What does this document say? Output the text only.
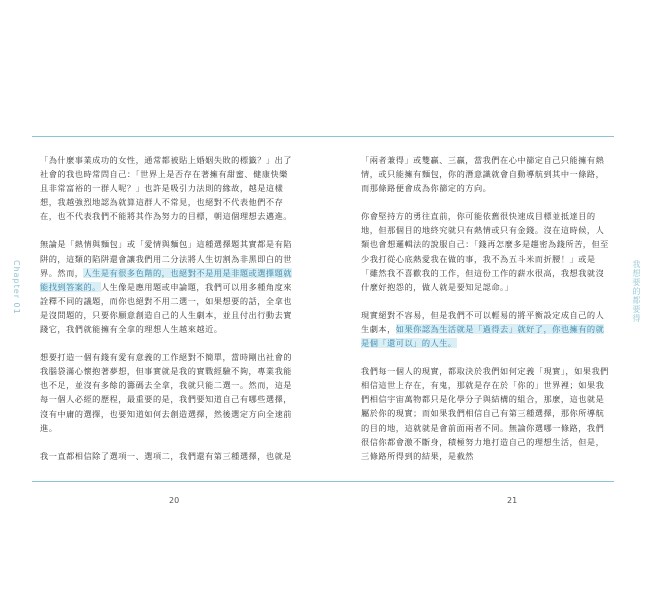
Chapter 01

「為什麼事業成功的女性，通常都被貼上婚姻失敗的標籤？」出了社會的我也時常問自己：「世界上是否存在著擁有甜蜜、健康快樂且非常富裕的一群人呢？」也許是吸引力法則的緣故，越是這樣想，我越強烈地認為就算這群人不常見，也絕對不代表他們不存在，也不代表我們不能將其作為努力的目標，朝這個理想去邁進。

無論是「熱情與麵包」或「愛情與麵包」這種選擇題其實都是有陷阱的，這類的陷阱還會讓我們用二分法將人生切割為非黑即白的世界。然而，人生是有很多色階的，也絕對不是用是非題或選擇題就能找到答案的。人生像是應用題或申論題，我們可以用多種角度來詮釋不同的議題，而你也絕對不用二選一，如果想要的話，全拿也是沒問題的，只要你願意創造自己的人生劇本，並且付出行動去實踐它，我們就能擁有全拿的理想人生越來越近。

想要打造一個有錢有愛有意義的工作絕對不簡單，當時剛出社會的我腦袋滿心懷抱著夢想，但事實就是我的實戰經驗不夠，專業我能也不足，並沒有多餘的籌碼去全拿，我就只能二選一。然而，這是每一個人必經的歷程，最重要的是，我們要知道自己有哪些選擇，沒有中庸的選擇，也要知道如何去創造選擇，然後選定方向全速前進。

我一直都相信除了選項一、選項二，我們還有第三種選擇，也就是

20

「兩者兼得」或雙贏、三贏，當我們在心中篩定自己只能擁有熱情，或只能擁有麵包，你的潛意識就會自動導航到其中一條路，而那條路便會成為你篩定的方向。

你會堅持方的勇往直前，你可能依舊很快速成目標並抵達目的地，但那個目的地終究就只有熱情或只有金錢。沒在這時候，人類也會想邏輯法的說服自己：「錢再怎麼多是趨密為錢所苦，但至少我打從心底熱愛我在做的事，我不為五斗米而折腰！」或是「雖然我不喜歡我的工作，但這份工作的薪水很高，我想我就沒什麼好抱怨的，做人就是要知足認命。」

現實絕對不容易，但是我們不可以輕易的將平衡設定成自己的人生劇本，如果你認為生活就是「過得去」就好了，你也擁有的就是個「還可以」的人生。

我們每一個人的現實，都取決於我們如何定義「現實」，如果我們相信這世上存在，有鬼，那就是存在於「你的」世界裡；如果我們相信宇宙萬物都只是化學分子與結構的組合，那麼，這也就是屬於你的現實；而如果我們相信自己有第三種選擇，那你所導航的目的地，這就就是會前面兩者不同。無論你選哪一條路，我們很信你都會激不斷身，積極努力地打造自己的理想生活，但是，三條路所得到的結果，是截然

我想要的都要得
21
